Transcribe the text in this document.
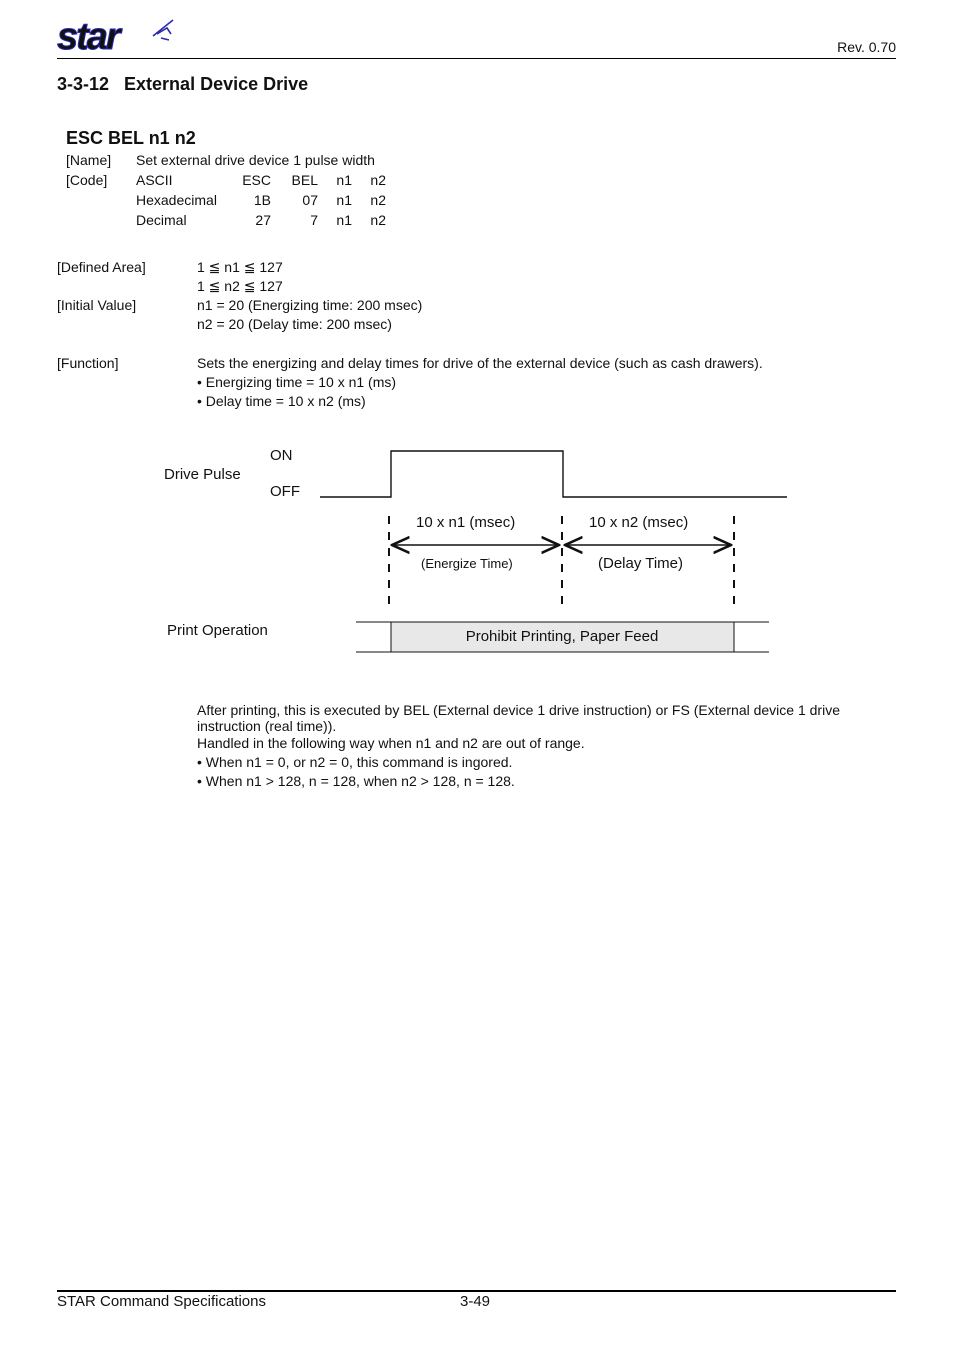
star	Rev. 0.70
3-3-12   External Device Drive
ESC BEL n1 n2
[Name] Set external drive device 1 pulse width
[Code] ASCII	ESC	BEL	n1	n2
Hexadecimal	1B	07	n1	n2
Decimal	27	7	n1	n2
[Defined Area]	1 ≦ n1 ≦ 127
1 ≦ n2 ≦ 127
[Initial Value]	n1 = 20 (Energizing time: 200 msec)
n2 = 20 (Delay time: 200 msec)
[Function]	Sets the energizing and delay times for drive of the external device (such as cash drawers).
• Energizing time = 10 x n1 (ms)
• Delay time = 10 x n2 (ms)
Drive Pulse
ON
OFF
10 x n1 (msec)	10 x n2 (msec)
(Energize Time)	(Delay Time)
Print Operation	Prohibit Printing, Paper Feed
After printing, this is executed by BEL (External device 1 drive instruction) or FS (External device 1 drive instruction (real time)).
Handled in the following way when n1 and n2 are out of range.
• When n1 = 0, or n2 = 0, this command is ingored.
• When n1 > 128, n = 128, when n2 > 128, n = 128.
STAR Command Specifications	3-49
